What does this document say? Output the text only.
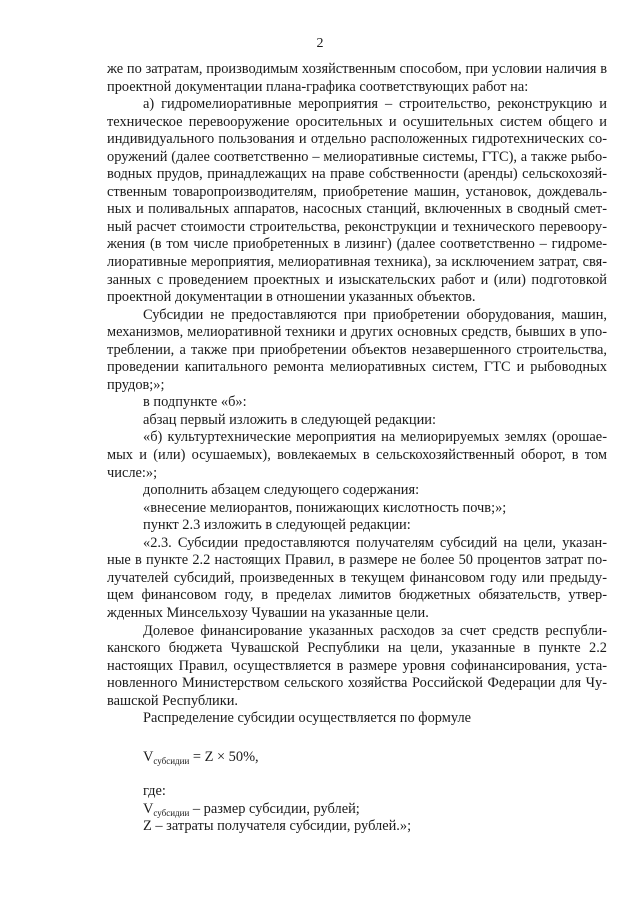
2

же по затратам, производимым хозяйственным способом, при условии наличия в
проектной документации плана-графика соответствующих работ на:

а) гидромелиоративные мероприятия – строительство, реконструкцию и
техническое перевооружение оросительных и осушительных систем общего и
индивидуального пользования и отдельно расположенных гидротехнических со-
оружений (далее соответственно – мелиоративные системы, ГТС), а также рыбо-
водных прудов, принадлежащих на праве собственности (аренды) сельскохозяй-
ственным товаропроизводителям, приобретение машин, установок, дождеваль-
ных и поливальных аппаратов, насосных станций, включенных в сводный смет-
ный расчет стоимости строительства, реконструкции и технического перевоору-
жения (в том числе приобретенных в лизинг) (далее соответственно – гидроме-
лиоративные мероприятия, мелиоративная техника), за исключением затрат, свя-
занных с проведением проектных и изыскательских работ и (или) подготовкой
проектной документации в отношении указанных объектов.

Субсидии не предоставляются при приобретении оборудования, машин,
механизмов, мелиоративной техники и других основных средств, бывших в упо-
треблении, а также при приобретении объектов незавершенного строительства,
проведении капитального ремонта мелиоративных систем, ГТС и рыбоводных
прудов;»;

в подпункте «б»:

абзац первый изложить в следующей редакции:

«б) культуртехнические мероприятия на мелиорируемых землях (орошае-
мых и (или) осушаемых), вовлекаемых в сельскохозяйственный оборот, в том
числе:»;

дополнить абзацем следующего содержания:

«внесение мелиорантов, понижающих кислотность почв;»;

пункт 2.3 изложить в следующей редакции:

«2.3. Субсидии предоставляются получателям субсидий на цели, указан-
ные в пункте 2.2 настоящих Правил, в размере не более 50 процентов затрат по-
лучателей субсидий, произведенных в текущем финансовом году или предыду-
щем финансовом году, в пределах лимитов бюджетных обязательств, утвер-
жденных Минсельхозу Чувашии на указанные цели.

Долевое финансирование указанных расходов за счет средств республи-
канского бюджета Чувашской Республики на цели, указанные в пункте 2.2
настоящих Правил, осуществляется в размере уровня софинансирования, уста-
новленного Министерством сельского хозяйства Российской Федерации для Чу-
вашской Республики.

Распределение субсидии осуществляется по формуле

$V_{субсидии} = Z \times 50\%$,
где:
$V_{субсидии}$ – размер субсидии, рублей;
Z – затраты получателя субсидии, рублей.»;
